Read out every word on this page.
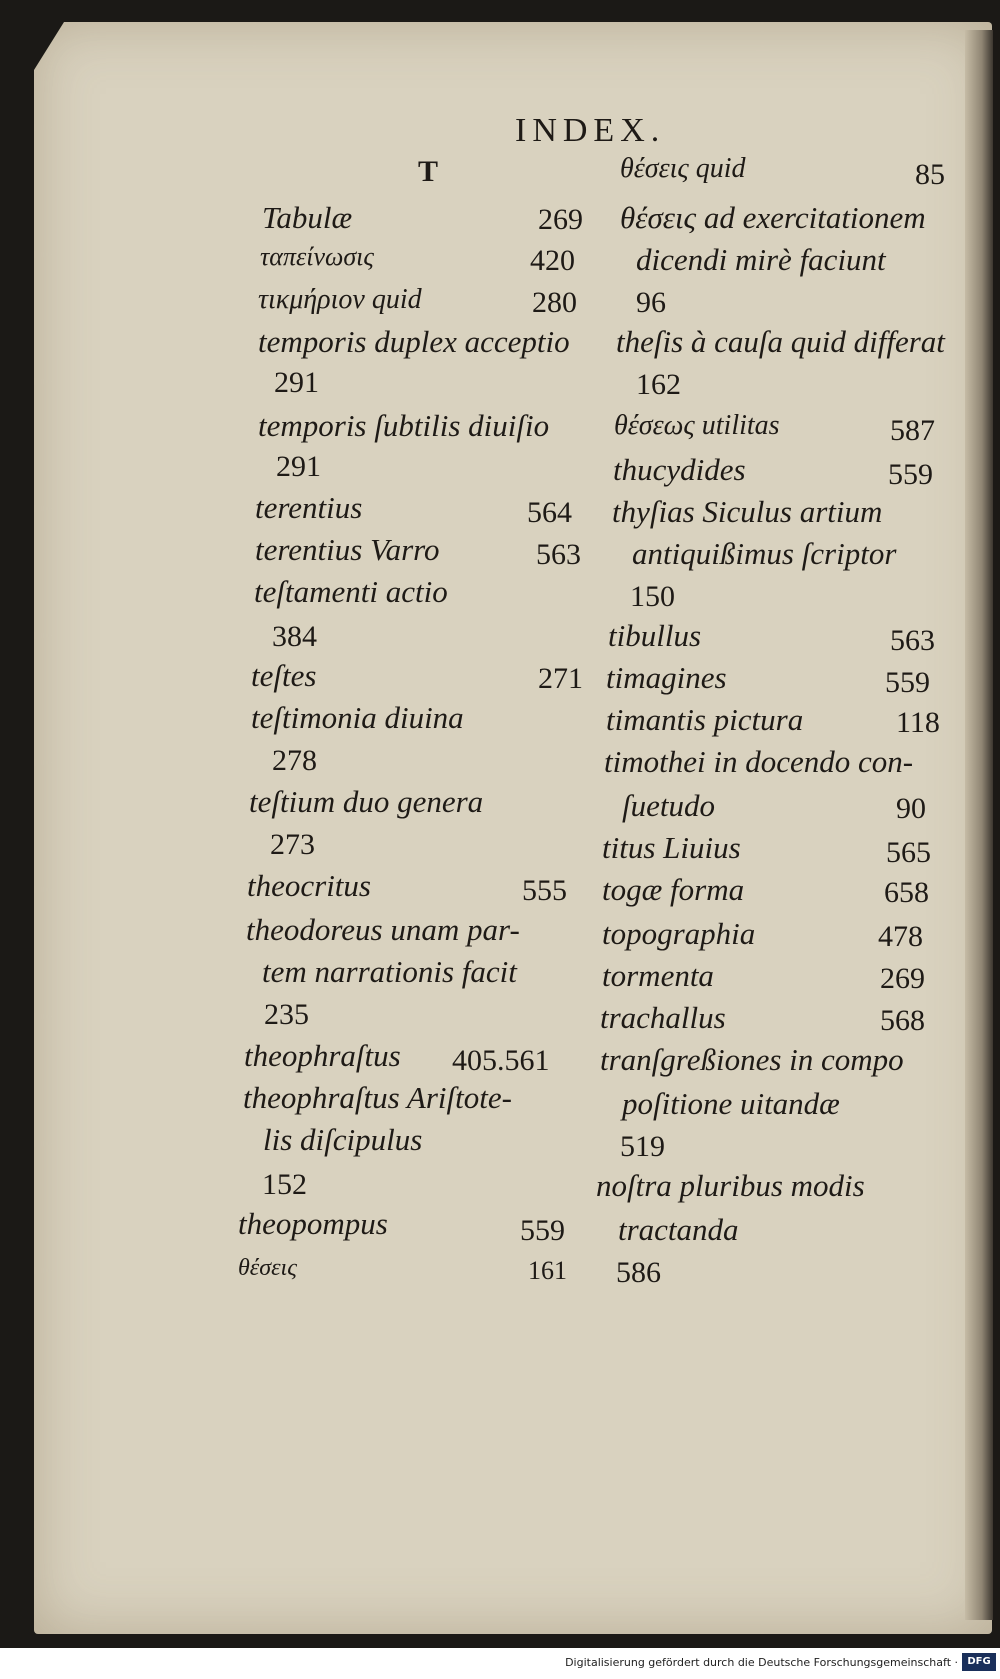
INDEX.
T
Tabulæ	269
ταπείνωσις	420
τικμήριον quid	280
temporis duplex acceptio
291
temporis ſubtilis diuiſio
291
terentius	564
terentius Varro	563
teſtamenti actio
384
teſtes	271
teſtimonia diuina
278
teſtium duo genera
273
theocritus	555
theodoreus unam par-
tem narrationis facit
235
theophraſtus 405.561
theophraſtus Ariſtote-
lis diſcipulus
152
theopompus	559
θέσεις	161
θέσεις quid	85
θέσεις ad exercitationem
dicendi mirè faciunt
96
theſis à cauſa quid differat
162
θέσεως utilitas	587
thucydides	559
thyſias Siculus artium
antiquißimus ſcriptor
150
tibullus	563
timagines	559
timantis pictura	118
timothei in docendo con-
ſuetudo	90
titus Liuius	565
togæ forma	658
topographia	478
tormenta	269
trachallus	568
tranſgreßiones in compo
poſitione uitandæ
519
noſtra pluribus modis
tractanda
586
Digitalisierung gefördert durch die Deutsche Forschungsgemeinschaft · DFG
